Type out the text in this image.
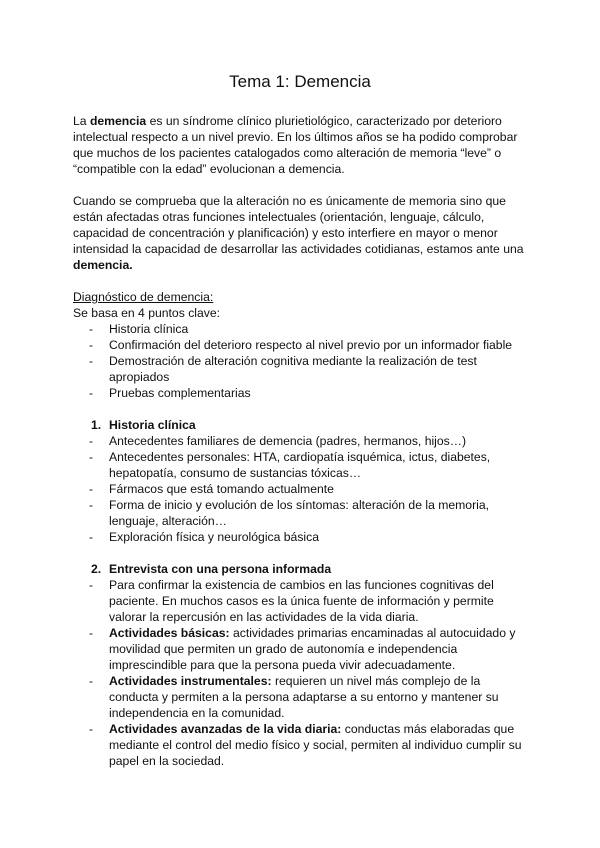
Tema 1: Demencia

La demencia es un síndrome clínico plurietiológico, caracterizado por deterioro intelectual respecto a un nivel previo. En los últimos años se ha podido comprobar que muchos de los pacientes catalogados como alteración de memoria “leve” o “compatible con la edad” evolucionan a demencia.

Cuando se comprueba que la alteración no es únicamente de memoria sino que están afectadas otras funciones intelectuales (orientación, lenguaje, cálculo, capacidad de concentración y planificación) y esto interfiere en mayor o menor intensidad la capacidad de desarrollar las actividades cotidianas, estamos ante una demencia.

Diagnóstico de demencia:

Se basa en 4 puntos clave:

- Historia clínica
- Confirmación del deterioro respecto al nivel previo por un informador fiable
- Demostración de alteración cognitiva mediante la realización de test apropiados
- Pruebas complementarias
1. Historia clínica
- Antecedentes familiares de demencia (padres, hermanos, hijos…)
- Antecedentes personales: HTA, cardiopatía isquémica, ictus, diabetes, hepatopatía, consumo de sustancias tóxicas…
- Fármacos que está tomando actualmente
- Forma de inicio y evolución de los síntomas: alteración de la memoria, lenguaje, alteración…
- Exploración física y neurológica básica
2. Entrevista con una persona informada
- Para confirmar la existencia de cambios en las funciones cognitivas del paciente. En muchos casos es la única fuente de información y permite valorar la repercusión en las actividades de la vida diaria.
- Actividades básicas: actividades primarias encaminadas al autocuidado y movilidad que permiten un grado de autonomía e independencia imprescindible para que la persona pueda vivir adecuadamente.
- Actividades instrumentales: requieren un nivel más complejo de la conducta y permiten a la persona adaptarse a su entorno y mantener su independencia en la comunidad.
- Actividades avanzadas de la vida diaria: conductas más elaboradas que mediante el control del medio físico y social, permiten al individuo cumplir su papel en la sociedad.
